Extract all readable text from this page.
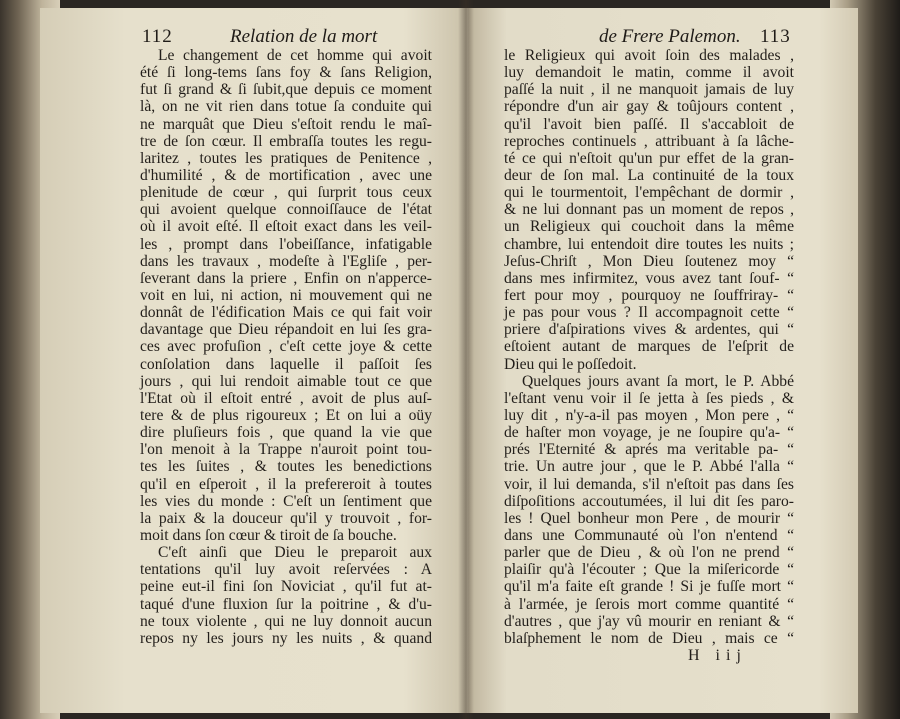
112	Relation de la mort	de Frere Palemon. 113
Le changement de cet homme qui avoit
été ſi long-tems ſans foy & ſans Religion,
fut ſi grand & ſi ſubit,que depuis ce moment
là, on ne vit rien dans totue ſa conduite qui
ne marquât que Dieu s'eſtoit rendu le maî-
tre de ſon cœur. Il embraſſa toutes les regu-
laritez , toutes les pratiques de Penitence ,
d'humilité , & de mortification , avec une
plenitude de cœur , qui ſurprit tous ceux
qui avoient quelque connoiſſauce de l'état
où il avoit eſté. Il eſtoit exact dans les veil-
les , prompt dans l'obeiſſance, infatigable
dans les travaux , modeſte à l'Egliſe , per-
ſeverant dans la priere , Enfin on n'apperce-
voit en lui, ni action, ni mouvement qui ne
donnât de l'édification Mais ce qui fait voir
davantage que Dieu répandoit en lui ſes gra-
ces avec profuſion , c'eſt cette joye & cette
conſolation dans laquelle il paſſoit ſes
jours , qui lui rendoit aimable tout ce que
l'Etat où il eſtoit entré , avoit de plus auſ-
tere & de plus rigoureux ; Et on lui a oüy
dire pluſieurs fois , que quand la vie que
l'on menoit à la Trappe n'auroit point tou-
tes les ſuites , & toutes les benedictions
qu'il en eſperoit , il la prefereroit à toutes
les vies du monde : C'eſt un ſentiment que
la paix & la douceur qu'il y trouvoit , for-
moit dans ſon cœur & tiroit de ſa bouche.
C'eſt ainſi que Dieu le preparoit aux
tentations qu'il luy avoit reſervées : A
peine eut-il fini ſon Noviciat , qu'il fut at-
taqué d'une fluxion ſur la poitrine , & d'u-
ne toux violente , qui ne luy donnoit aucun
repos ny les jours ny les nuits , & quand
le Religieux qui avoit ſoin des malades ,
luy demandoit le matin, comme il avoit
paſſé la nuit , il ne manquoit jamais de luy
répondre d'un air gay & toûjours content ,
qu'il l'avoit bien paſſé. Il s'accabloit de
reproches continuels , attribuant à ſa lâche-
té ce qui n'eſtoit qu'un pur effet de la gran-
deur de ſon mal. La continuité de la toux
qui le tourmentoit, l'empêchant de dormir ,
& ne lui donnant pas un moment de repos ,
un Religieux qui couchoit dans la même
chambre, lui entendoit dire toutes les nuits ;
Jeſus-Chriſt , Mon Dieu ſoutenez moy “
dans mes infirmitez, vous avez tant ſouf- “
fert pour moy , pourquoy ne ſouffriray- “
je pas pour vous ? Il accompagnoit cette “
priere d'aſpirations vives & ardentes, qui “
eſtoient autant de marques de l'eſprit de
Dieu qui le poſſedoit.
Quelques jours avant ſa mort, le P. Abbé
l'eſtant venu voir il ſe jetta à ſes pieds , &
luy dit , n'y-a-il pas moyen , Mon pere , “
de haſter mon voyage, je ne ſoupire qu'a- “
prés l'Eternité & aprés ma veritable pa- “
trie. Un autre jour , que le P. Abbé l'alla “
voir, il lui demanda, s'il n'eſtoit pas dans ſes
diſpoſitions accoutumées, il lui dit ſes paro-
les ! Quel bonheur mon Pere , de mourir “
dans une Communauté où l'on n'entend “
parler que de Dieu , & où l'on ne prend “
plaiſir qu'à l'écouter ; Que la miſericorde “
qu'il m'a faite eſt grande ! Si je fuſſe mort “
à l'armée, je ſerois mort comme quantité “
d'autres , que j'ay vû mourir en reniant & “
blaſphement le nom de Dieu , mais ce “
H iij
